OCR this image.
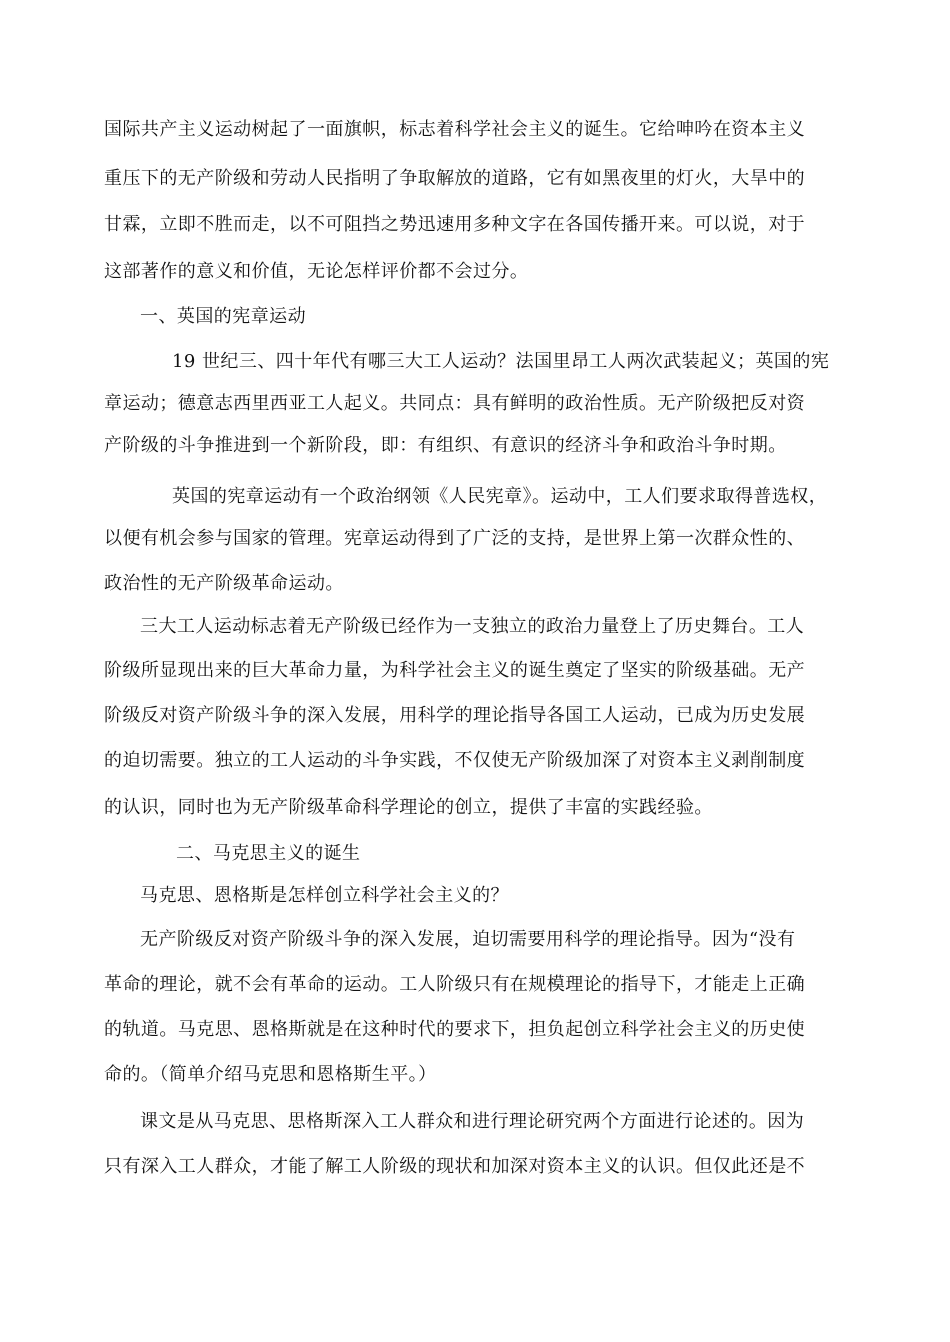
国际共产主义运动树起了一面旗帜，标志着科学社会主义的诞生。它给呻吟在资本主义

重压下的无产阶级和劳动人民指明了争取解放的道路，它有如黑夜里的灯火，大旱中的

甘霖，立即不胜而走，以不可阻挡之势迅速用多种文字在各国传播开来。可以说，对于

这部著作的意义和价值，无论怎样评价都不会过分。

一、英国的宪章运动

19 世纪三、四十年代有哪三大工人运动？法国里昂工人两次武装起义；英国的宪

章运动；德意志西里西亚工人起义。共同点：具有鲜明的政治性质。无产阶级把反对资

产阶级的斗争推进到一个新阶段，即：有组织、有意识的经济斗争和政治斗争时期。

英国的宪章运动有一个政治纲领《人民宪章》。运动中，工人们要求取得普选权，

以便有机会参与国家的管理。宪章运动得到了广泛的支持，是世界上第一次群众性的、

政治性的无产阶级革命运动。

三大工人运动标志着无产阶级已经作为一支独立的政治力量登上了历史舞台。工人

阶级所显现出来的巨大革命力量，为科学社会主义的诞生奠定了坚实的阶级基础。无产

阶级反对资产阶级斗争的深入发展，用科学的理论指导各国工人运动，已成为历史发展

的迫切需要。独立的工人运动的斗争实践，不仅使无产阶级加深了对资本主义剥削制度

的认识，同时也为无产阶级革命科学理论的创立，提供了丰富的实践经验。

二、马克思主义的诞生

马克思、恩格斯是怎样创立科学社会主义的？

无产阶级反对资产阶级斗争的深入发展，迫切需要用科学的理论指导。因为“没有

革命的理论，就不会有革命的运动。工人阶级只有在规模理论的指导下，才能走上正确

的轨道。马克思、恩格斯就是在这种时代的要求下，担负起创立科学社会主义的历史使

命的。（简单介绍马克思和恩格斯生平。）

课文是从马克思、思格斯深入工人群众和进行理论研究两个方面进行论述的。因为

只有深入工人群众，才能了解工人阶级的现状和加深对资本主义的认识。但仅此还是不
